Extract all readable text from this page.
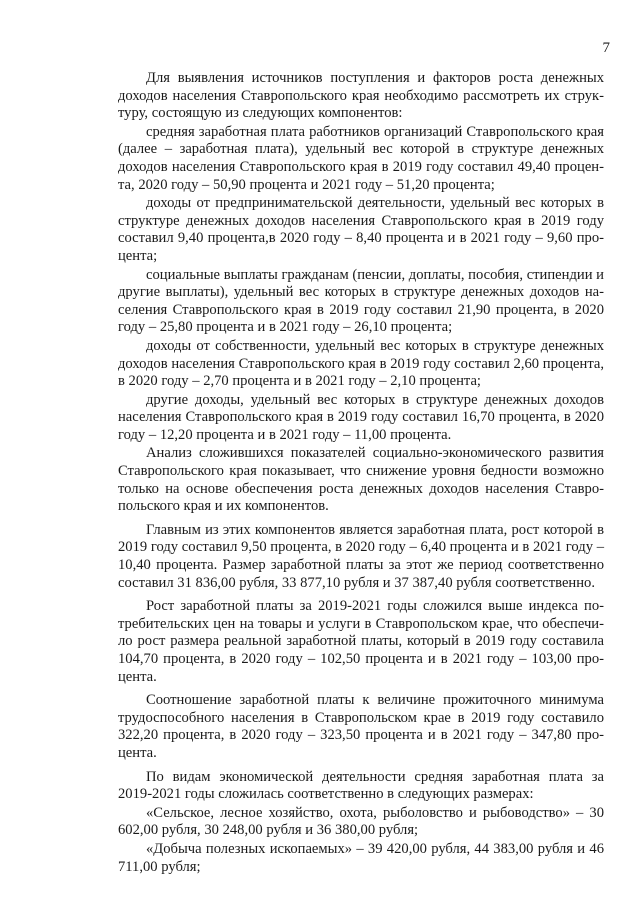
7

Для выявления источников поступления и факторов роста денежных доходов населения Ставропольского края необходимо рассмотреть их структуру, состоящую из следующих компонентов:

средняя заработная плата работников организаций Ставропольского края (далее – заработная плата), удельный вес которой в структуре денежных доходов населения Ставропольского края в 2019 году составил 49,40 процента, 2020 году – 50,90 процента и 2021 году – 51,20 процента;

доходы от предпринимательской деятельности, удельный вес которых в структуре денежных доходов населения Ставропольского края в 2019 году составил 9,40 процента,в 2020 году – 8,40 процента и в 2021 году – 9,60 процента;

социальные выплаты гражданам (пенсии, доплаты, пособия, стипендии и другие выплаты), удельный вес которых в структуре денежных доходов населения Ставропольского края в 2019 году составил 21,90 процента, в 2020 году – 25,80 процента и в 2021 году – 26,10 процента;

доходы от собственности, удельный вес которых в структуре денежных доходов населения Ставропольского края в 2019 году составил 2,60 процента, в 2020 году – 2,70 процента и в 2021 году – 2,10 процента;

другие доходы, удельный вес которых в структуре денежных доходов населения Ставропольского края в 2019 году составил 16,70 процента, в 2020 году – 12,20 процента и в 2021 году – 11,00 процента.

Анализ сложившихся показателей социально-экономического развития Ставропольского края показывает, что снижение уровня бедности возможно только на основе обеспечения роста денежных доходов населения Ставропольского края и их компонентов.

Главным из этих компонентов является заработная плата, рост которой в 2019 году составил 9,50 процента, в 2020 году – 6,40 процента и в 2021 году – 10,40 процента. Размер заработной платы за этот же период соответственно составил 31 836,00 рубля, 33 877,10 рубля и 37 387,40 рубля соответственно.

Рост заработной платы за 2019-2021 годы сложился выше индекса потребительских цен на товары и услуги в Ставропольском крае, что обеспечило рост размера реальной заработной платы, который в 2019 году составила 104,70 процента, в 2020 году – 102,50 процента и в 2021 году – 103,00 процента.

Соотношение заработной платы к величине прожиточного минимума трудоспособного населения в Ставропольском крае в 2019 году составило 322,20 процента, в 2020 году – 323,50 процента и в 2021 году – 347,80 процента.

По видам экономической деятельности средняя заработная плата за 2019-2021 годы сложилась соответственно в следующих размерах:

«Сельское, лесное хозяйство, охота, рыболовство и рыбоводство» – 30 602,00 рубля, 30 248,00 рубля и 36 380,00 рубля;

«Добыча полезных ископаемых» – 39 420,00 рубля, 44 383,00 рубля и 46 711,00 рубля;
